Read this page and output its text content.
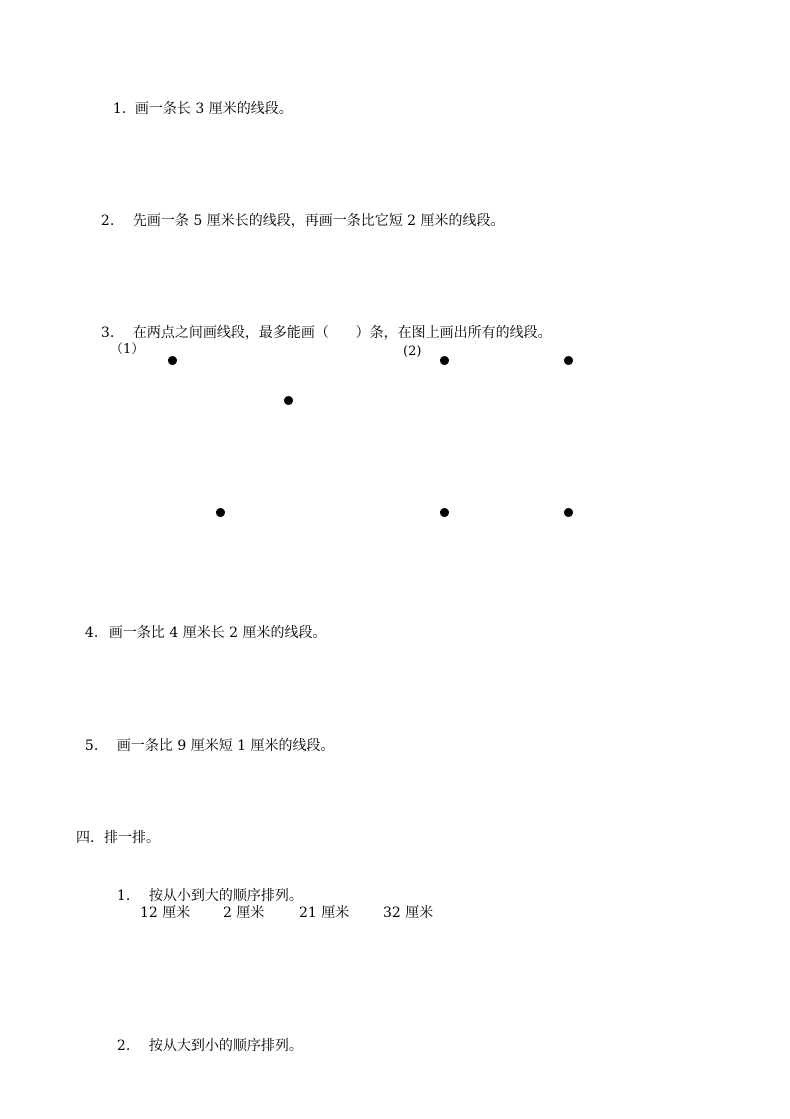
1. 画一条长 3 厘米的线段。

2. 先画一条 5 厘米长的线段，再画一条比它短 2 厘米的线段。

3. 在两点之间画线段，最多能画（      ）条，在图上画出所有的线段。

（1）	(2)

4. 画一条比 4 厘米长 2 厘米的线段。

5. 画一条比 9 厘米短 1 厘米的线段。

四．排一排。

1. 按从小到大的顺序排列。

12 厘米 2 厘米 21 厘米 32 厘米

2. 按从大到小的顺序排列。
